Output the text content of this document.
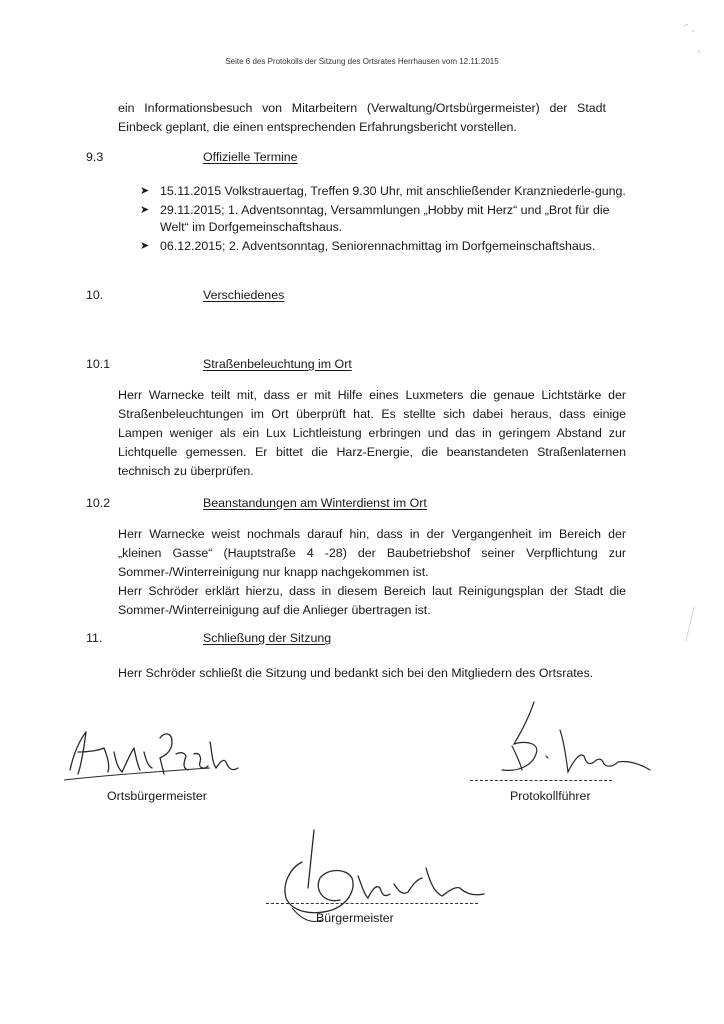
Seite 6 des Protokolls der Sitzung des Ortsrates Herrhausen vom 12.11.2015

ein Informationsbesuch von Mitarbeitern (Verwaltung/Ortsbürgermeister) der Stadt Einbeck geplant, die einen entsprechenden Erfahrungsbericht vorstellen.

9.3	Offizielle Termine
➤ 15.11.2015 Volkstrauertag, Treffen 9.30 Uhr, mit anschließender Kranzniederle-gung.
➤ 29.11.2015; 1. Adventsonntag, Versammlungen „Hobby mit Herz“ und „Brot für die Welt“ im Dorfgemeinschaftshaus.
➤ 06.12.2015; 2. Adventsonntag, Seniorennachmittag im Dorfgemeinschaftshaus.
10.	Verschiedenes
10.1	Straßenbeleuchtung im Ort

Herr Warnecke teilt mit, dass er mit Hilfe eines Luxmeters die genaue Lichtstärke der Straßenbeleuchtungen im Ort überprüft hat. Es stellte sich dabei heraus, dass einige Lampen weniger als ein Lux Lichtleistung erbringen und das in geringem Abstand zur Lichtquelle gemessen. Er bittet die Harz-Energie, die beanstandeten Straßenlaternen technisch zu überprüfen.

10.2	Beanstandungen am Winterdienst im Ort

Herr Warnecke weist nochmals darauf hin, dass in der Vergangenheit im Bereich der „kleinen Gasse“ (Hauptstraße 4 -28) der Baubetriebshof seiner Verpflichtung zur Sommer-/Winterreinigung nur knapp nachgekommen ist.

Herr Schröder erklärt hierzu, dass in diesem Bereich laut Reinigungsplan der Stadt die Sommer-/Winterreinigung auf die Anlieger übertragen ist.

11.	Schließung der Sitzung

Herr Schröder schließt die Sitzung und bedankt sich bei den Mitgliedern des Ortsrates.

Ortsbürgermeister	Protokollführer
Bürgermeister
